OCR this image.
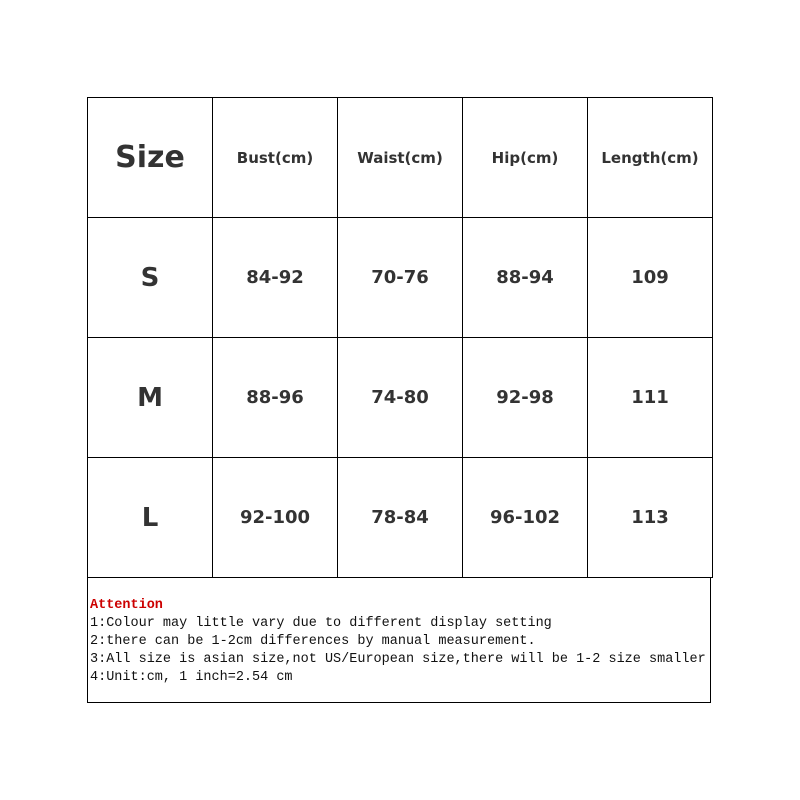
Size	Bust(cm)	Waist(cm)	Hip(cm)	Length(cm)
S	84-92	70-76	88-94	109
M	88-96	74-80	92-98	111
L	92-100	78-84	96-102	113
Attention
1:Colour may little vary due to different display setting
2:there can be 1-2cm differences by manual measurement.
3:All size is asian size,not US/European size,there will be 1-2 size smaller
4:Unit:cm, 1 inch=2.54 cm
